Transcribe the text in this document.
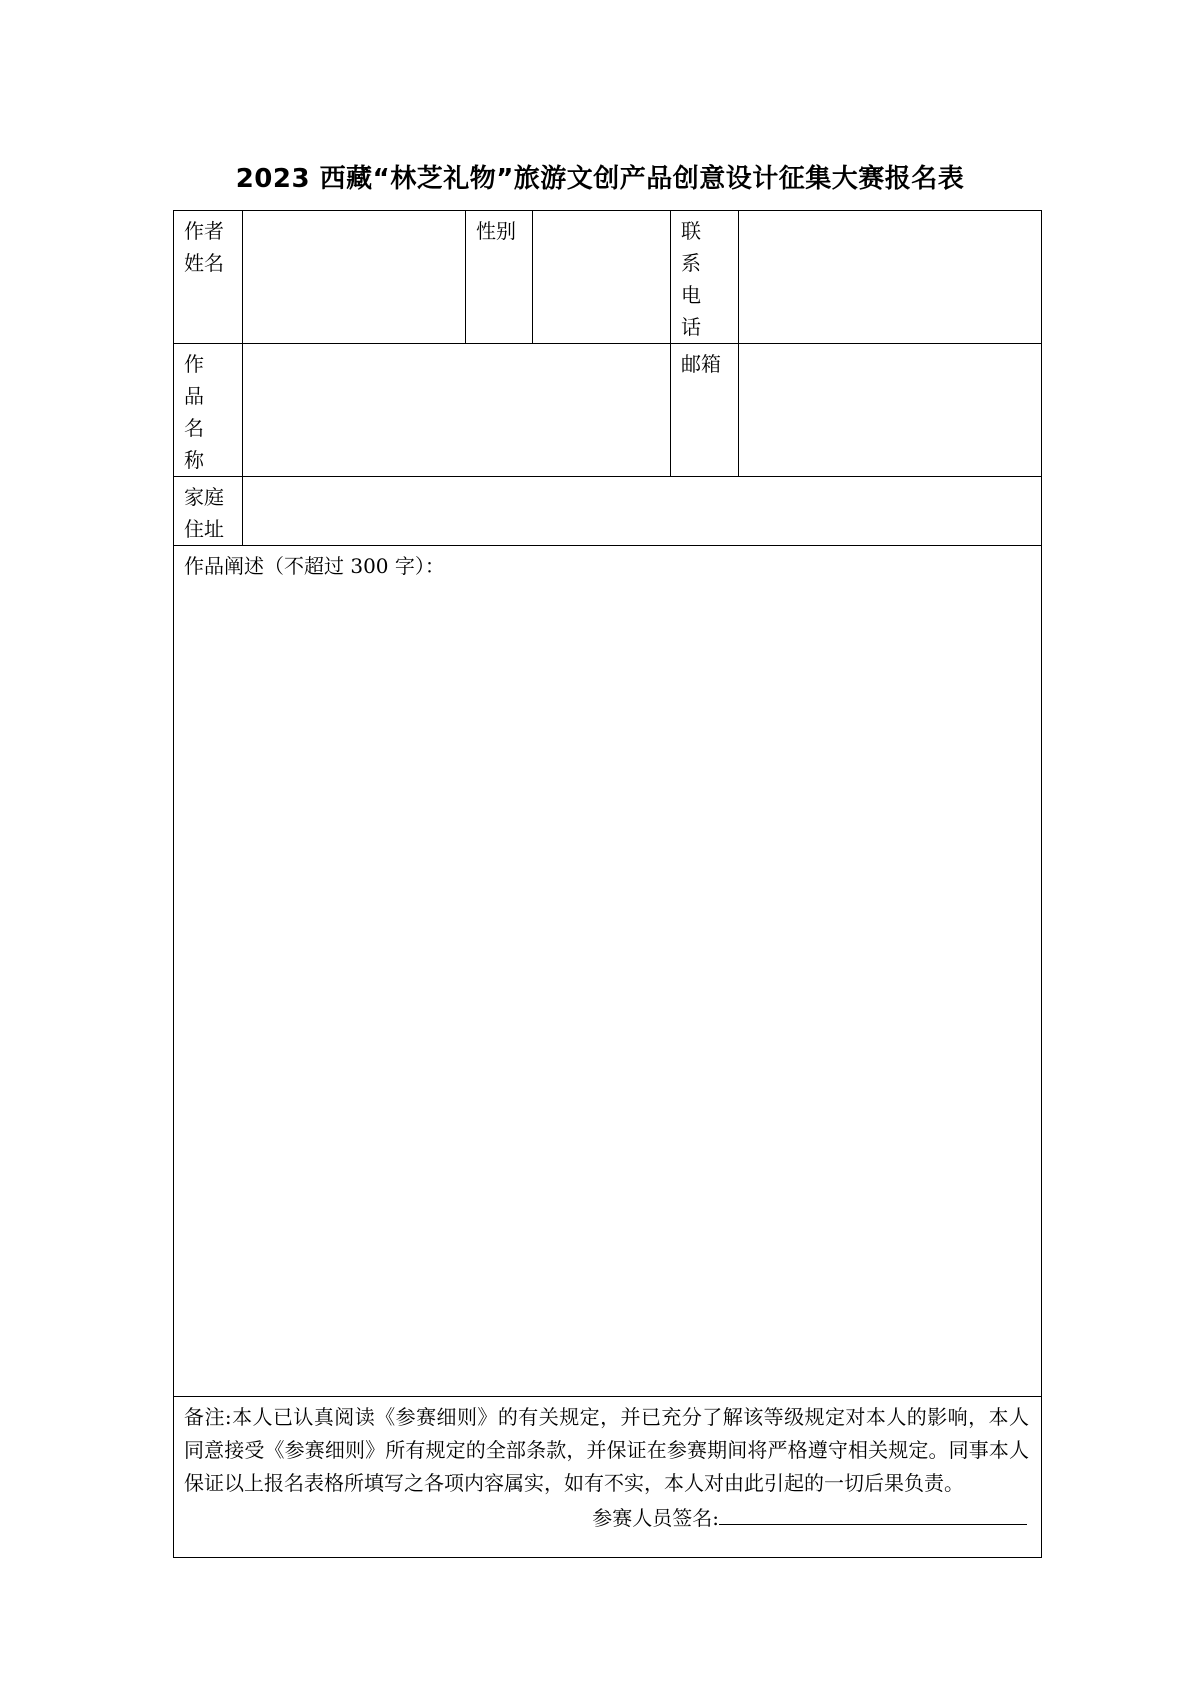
2023 西藏“林芝礼物”旅游文创产品创意设计征集大赛报名表
作者姓名		性别		联系电话	
作品名称				邮箱	
家庭住址					

作品阐述（不超过 300 字）：					

备注:本人已认真阅读《参赛细则》的有关规定，并已充分了解该等级规定对本人的影响，本人同意接受《参赛细则》所有规定的全部条款，并保证在参赛期间将严格遵守相关规定。同事本人保证以上报名表格所填写之各项内容属实，如有不实，本人对由此引起的一切后果负责。
参赛人员签名:					
